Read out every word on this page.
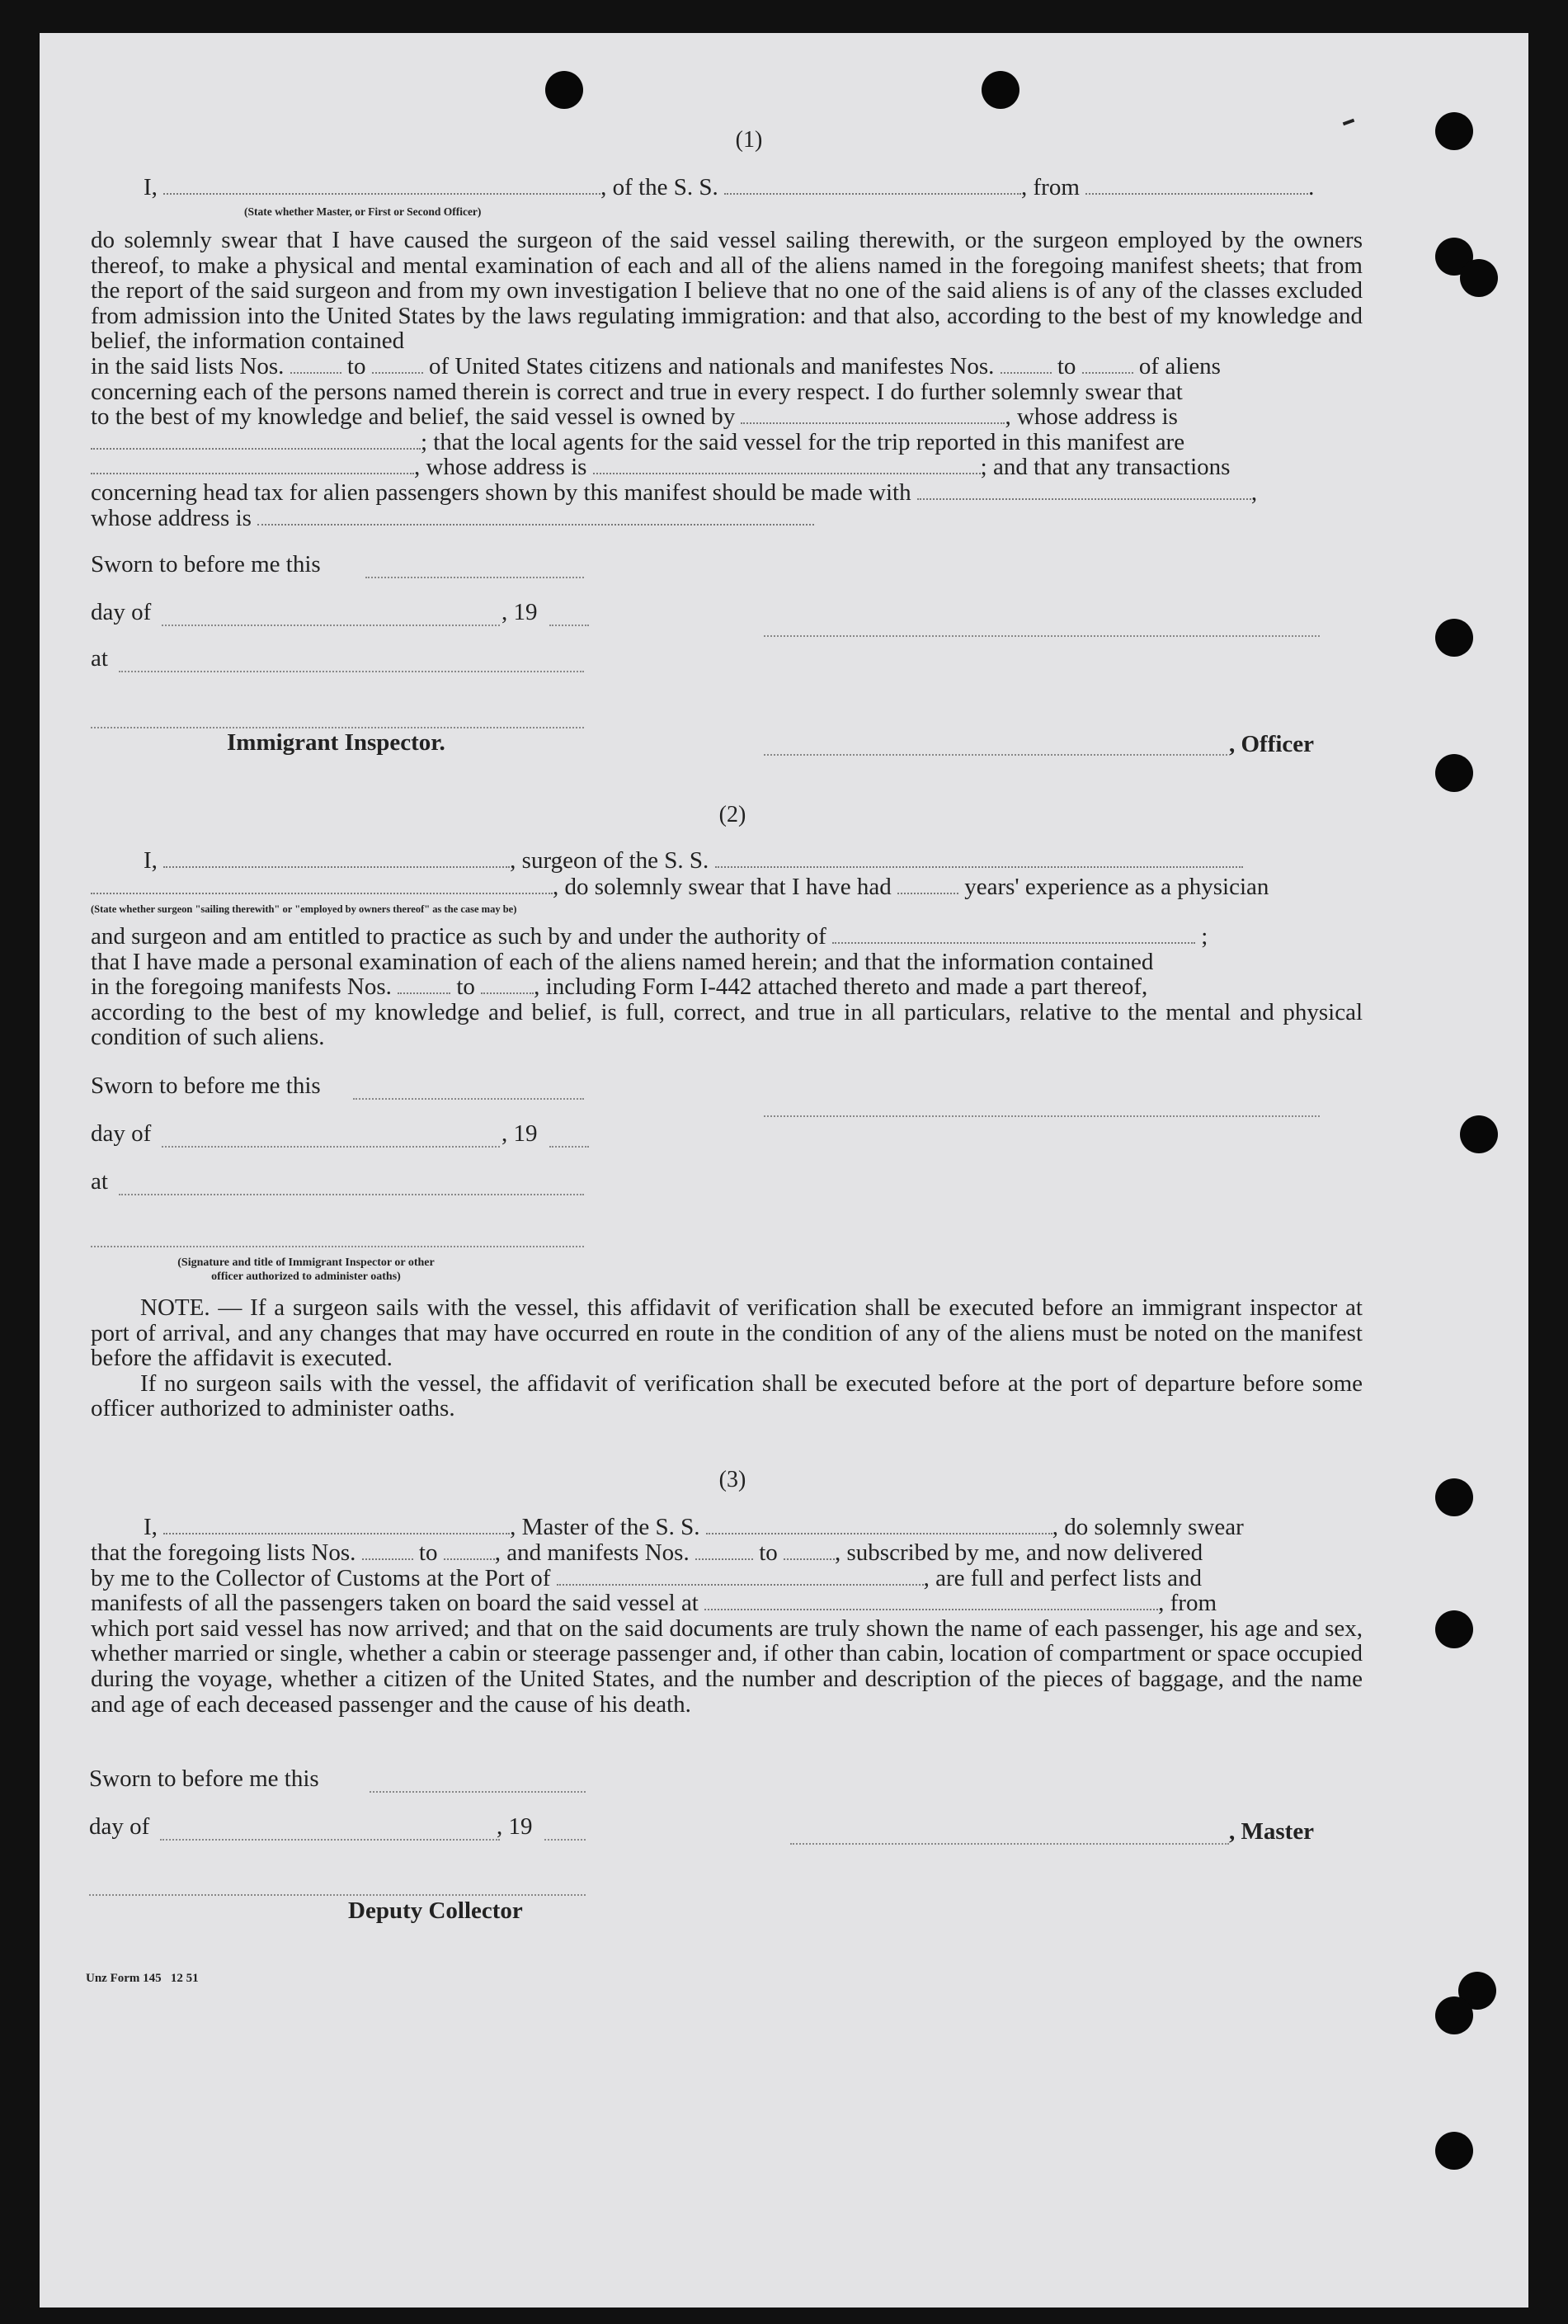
(1)
I,	, of the S. S.	, from	.
(State whether Master, or First or Second Officer)

do solemnly swear that I have caused the surgeon of the said vessel sailing therewith, or the surgeon employed by the owners thereof, to make a physical and mental examination of each and all of the aliens named in the foregoing manifest sheets; that from the report of the said surgeon and from my own investigation I believe that no one of the said aliens is of any of the classes excluded from admission into the United States by the laws regulating immigration: and that also, according to the best of my knowledge and belief, the information contained

in the said lists Nos.	to	of United States citizens and nationals and manifestes Nos.	to	of aliens

concerning each of the persons named therein is correct and true in every respect. I do further solemnly swear that

to the best of my knowledge and belief, the said vessel is owned by	, whose address is

; that the local agents for the said vessel for the trip reported in this manifest are

, whose address is	; and that any transactions

concerning head tax for alien passengers shown by this manifest should be made with	,

whose address is

Sworn to before me this
day of	, 19
at
Immigrant Inspector.	, Officer
(2)
I,	, surgeon of the S. S.
, do solemnly swear that I have had	years' experience as a physician
(State whether surgeon "sailing therewith" or "employed by owners thereof" as the case may be)

and surgeon and am entitled to practice as such by and under the authority of	;

that I have made a personal examination of each of the aliens named herein; and that the information contained

in the foregoing manifests Nos.	to , including Form I-442 attached thereto and made a part thereof,

according to the best of my knowledge and belief, is full, correct, and true in all particulars, relative to the mental and physical condition of such aliens.

Sworn to before me this
day of	, 19
at
(Signature and title of Immigrant Inspector or other
officer authorized to administer oaths)

NOTE. — If a surgeon sails with the vessel, this affidavit of verification shall be executed before an immigrant inspector at port of arrival, and any changes that may have occurred en route in the condition of any of the aliens must be noted on the manifest before the affidavit is executed.

If no surgeon sails with the vessel, the affidavit of verification shall be executed before at the port of departure before some officer authorized to administer oaths.

(3)
I,	, Master of the S. S.	, do solemnly swear

that the foregoing lists Nos.	to , and manifests Nos.	to , subscribed by me, and now delivered

by me to the Collector of Customs at the Port of	, are full and perfect lists and

manifests of all the passengers taken on board the said vessel at	, from

which port said vessel has now arrived; and that on the said documents are truly shown the name of each passenger, his age and sex, whether married or single, whether a cabin or steerage passenger and, if other than cabin, location of compartment or space occupied during the voyage, whether a citizen of the United States, and the number and description of the pieces of baggage, and the name and age of each deceased passenger and the cause of his death.

Sworn to before me this
day of	, 19	, Master
Deputy Collector
Unz Form 145   12 51
